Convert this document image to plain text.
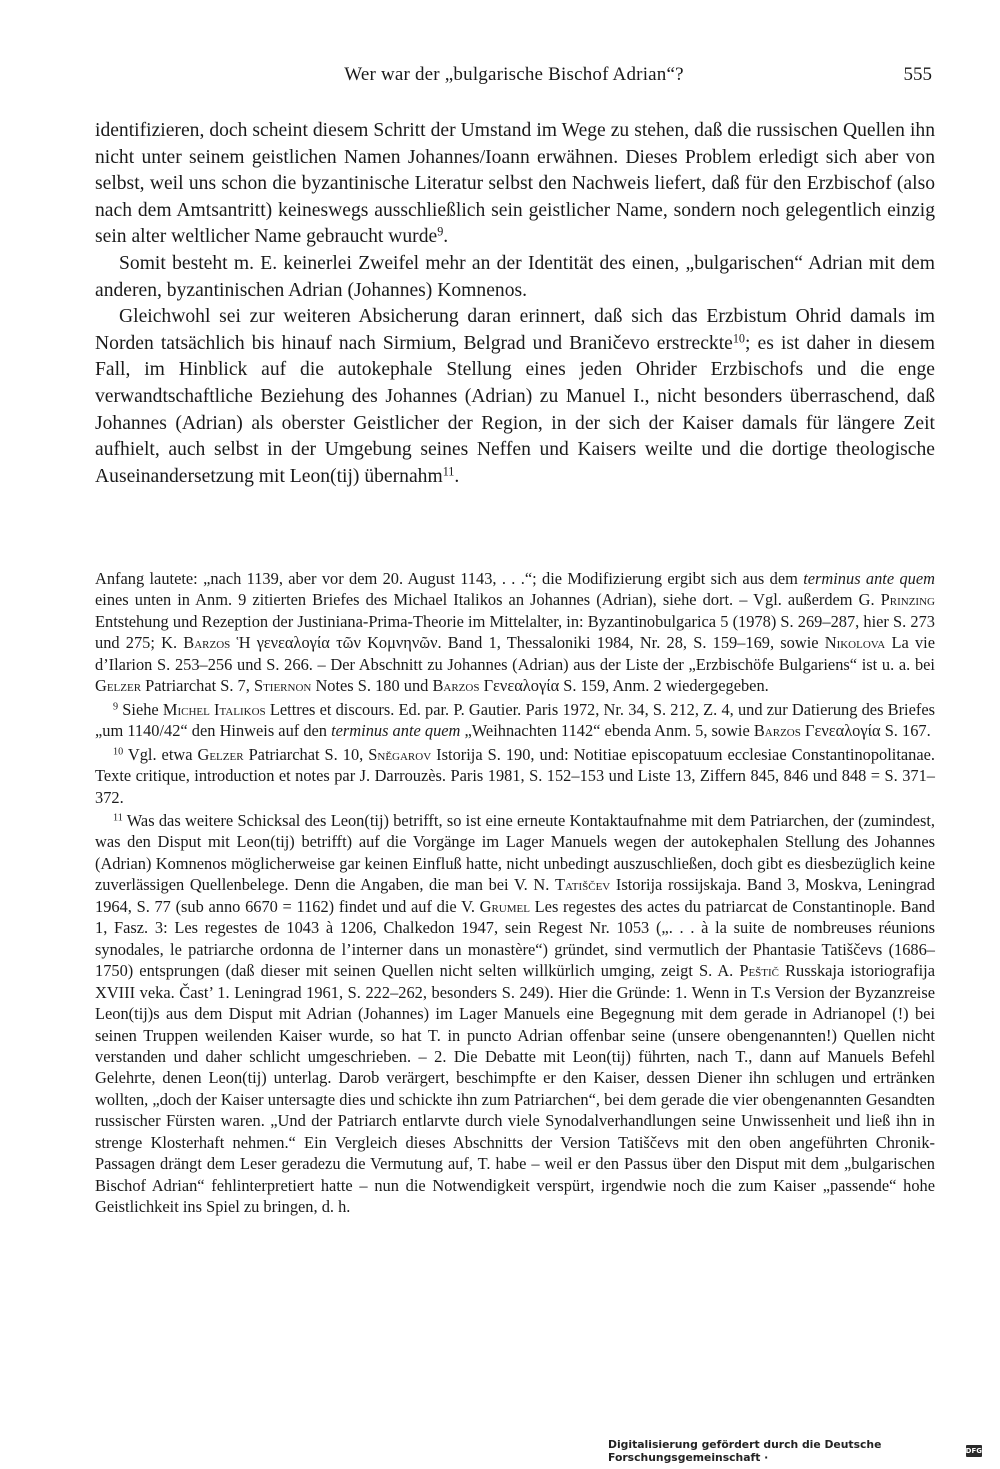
Wer war der „bulgarische Bischof Adrian“?	555

identifizieren, doch scheint diesem Schritt der Umstand im Wege zu stehen, daß die russischen Quellen ihn nicht unter seinem geistlichen Namen Johannes/Ioann erwähnen. Dieses Problem erledigt sich aber von selbst, weil uns schon die byzantinische Literatur selbst den Nachweis liefert, daß für den Erzbischof (also nach dem Amtsantritt) keineswegs ausschließlich sein geistlicher Name, sondern noch gelegentlich einzig sein alter weltlicher Name gebraucht wurde$^9$.

Somit besteht m. E. keinerlei Zweifel mehr an der Identität des einen, „bulgarischen“ Adrian mit dem anderen, byzantinischen Adrian (Johannes) Komnenos.

Gleichwohl sei zur weiteren Absicherung daran erinnert, daß sich das Erzbistum Ohrid damals im Norden tatsächlich bis hinauf nach Sirmium, Belgrad und Braničevo erstreckte$^{10}$; es ist daher in diesem Fall, im Hinblick auf die autokephale Stellung eines jeden Ohrider Erzbischofs und die enge verwandtschaftliche Beziehung des Johannes (Adrian) zu Manuel I., nicht besonders überraschend, daß Johannes (Adrian) als oberster Geistlicher der Region, in der sich der Kaiser damals für längere Zeit aufhielt, auch selbst in der Umgebung seines Neffen und Kaisers weilte und die dortige theologische Auseinandersetzung mit Leon(tij) übernahm$^{11}$.

Anfang lautete: „nach 1139, aber vor dem 20. August 1143, . . .“; die Modifizierung ergibt sich aus dem terminus ante quem eines unten in Anm. 9 zitierten Briefes des Michael Italikos an Johannes (Adrian), siehe dort. – Vgl. außerdem G. Prinzing Entstehung und Rezeption der Justiniana-Prima-Theorie im Mittelalter, in: Byzantinobulgarica 5 (1978) S. 269–287, hier S. 273 und 275; K. Barzos Ἡ γενεαλογία τῶν Κομνηνῶν. Band 1, Thessaloniki 1984, Nr. 28, S. 159–169, sowie Nikolova La vie d’Ilarion S. 253–256 und S. 266. – Der Abschnitt zu Johannes (Adrian) aus der Liste der „Erzbischöfe Bulgariens“ ist u. a. bei Gelzer Patriarchat S. 7, Stiernon Notes S. 180 und Barzos Γενεαλογία S. 159, Anm. 2 wiedergegeben.

$^9$ Siehe Michel Italikos Lettres et discours. Ed. par. P. Gautier. Paris 1972, Nr. 34, S. 212, Z. 4, und zur Datierung des Briefes „um 1140/42“ den Hinweis auf den terminus ante quem „Weihnachten 1142“ ebenda Anm. 5, sowie Barzos Γενεαλογία S. 167.

$^{10}$ Vgl. etwa Gelzer Patriarchat S. 10, Snĕgarov Istorija S. 190, und: Notitiae episcopatuum ecclesiae Constantinopolitanae. Texte critique, introduction et notes par J. Darrouzès. Paris 1981, S. 152–153 und Liste 13, Ziffern 845, 846 und 848 = S. 371–372.

$^{11}$ Was das weitere Schicksal des Leon(tij) betrifft, so ist eine erneute Kontaktaufnahme mit dem Patriarchen, der (zumindest, was den Disput mit Leon(tij) betrifft) auf die Vorgänge im Lager Manuels wegen der autokephalen Stellung des Johannes (Adrian) Komnenos möglicherweise gar keinen Einfluß hatte, nicht unbedingt auszuschließen, doch gibt es diesbezüglich keine zuverlässigen Quellenbelege. Denn die Angaben, die man bei V. N. Tatiščev Istorija rossijskaja. Band 3, Moskva, Leningrad 1964, S. 77 (sub anno 6670 = 1162) findet und auf die V. Grumel Les regestes des actes du patriarcat de Constantinople. Band 1, Fasz. 3: Les regestes de 1043 à 1206, Chalkedon 1947, sein Regest Nr. 1053 („. . . à la suite de nombreuses réunions synodales, le patriarche ordonna de l’interner dans un monastère“) gründet, sind vermutlich der Phantasie Tatiščevs (1686–1750) entsprungen (daß dieser mit seinen Quellen nicht selten willkürlich umging, zeigt S. A. Peštič Russkaja istoriografija XVIII veka. Čast’ 1. Leningrad 1961, S. 222–262, besonders S. 249). Hier die Gründe: 1. Wenn in T.s Version der Byzanzreise Leon(tij)s aus dem Disput mit Adrian (Johannes) im Lager Manuels eine Begegnung mit dem gerade in Adrianopel (!) bei seinen Truppen weilenden Kaiser wurde, so hat T. in puncto Adrian offenbar seine (unsere obengenannten!) Quellen nicht verstanden und daher schlicht umgeschrieben. – 2. Die Debatte mit Leon(tij) führten, nach T., dann auf Manuels Befehl Gelehrte, denen Leon(tij) unterlag. Darob verärgert, beschimpfte er den Kaiser, dessen Diener ihn schlugen und ertränken wollten, „doch der Kaiser untersagte dies und schickte ihn zum Patriarchen“, bei dem gerade die vier obengenannten Gesandten russischer Fürsten waren. „Und der Patriarch entlarvte durch viele Synodalverhandlungen seine Unwissenheit und ließ ihn in strenge Klosterhaft nehmen.“ Ein Vergleich dieses Abschnitts der Version Tatiščevs mit den oben angeführten Chronik-Passagen drängt dem Leser geradezu die Vermutung auf, T. habe – weil er den Passus über den Disput mit dem „bulgarischen Bischof Adrian“ fehlinterpretiert hatte – nun die Notwendigkeit verspürt, irgendwie noch die zum Kaiser „passende“ hohe Geistlichkeit ins Spiel zu bringen, d. h.

Digitalisierung gefördert durch die Deutsche Forschungsgemeinschaft ·	DFG
